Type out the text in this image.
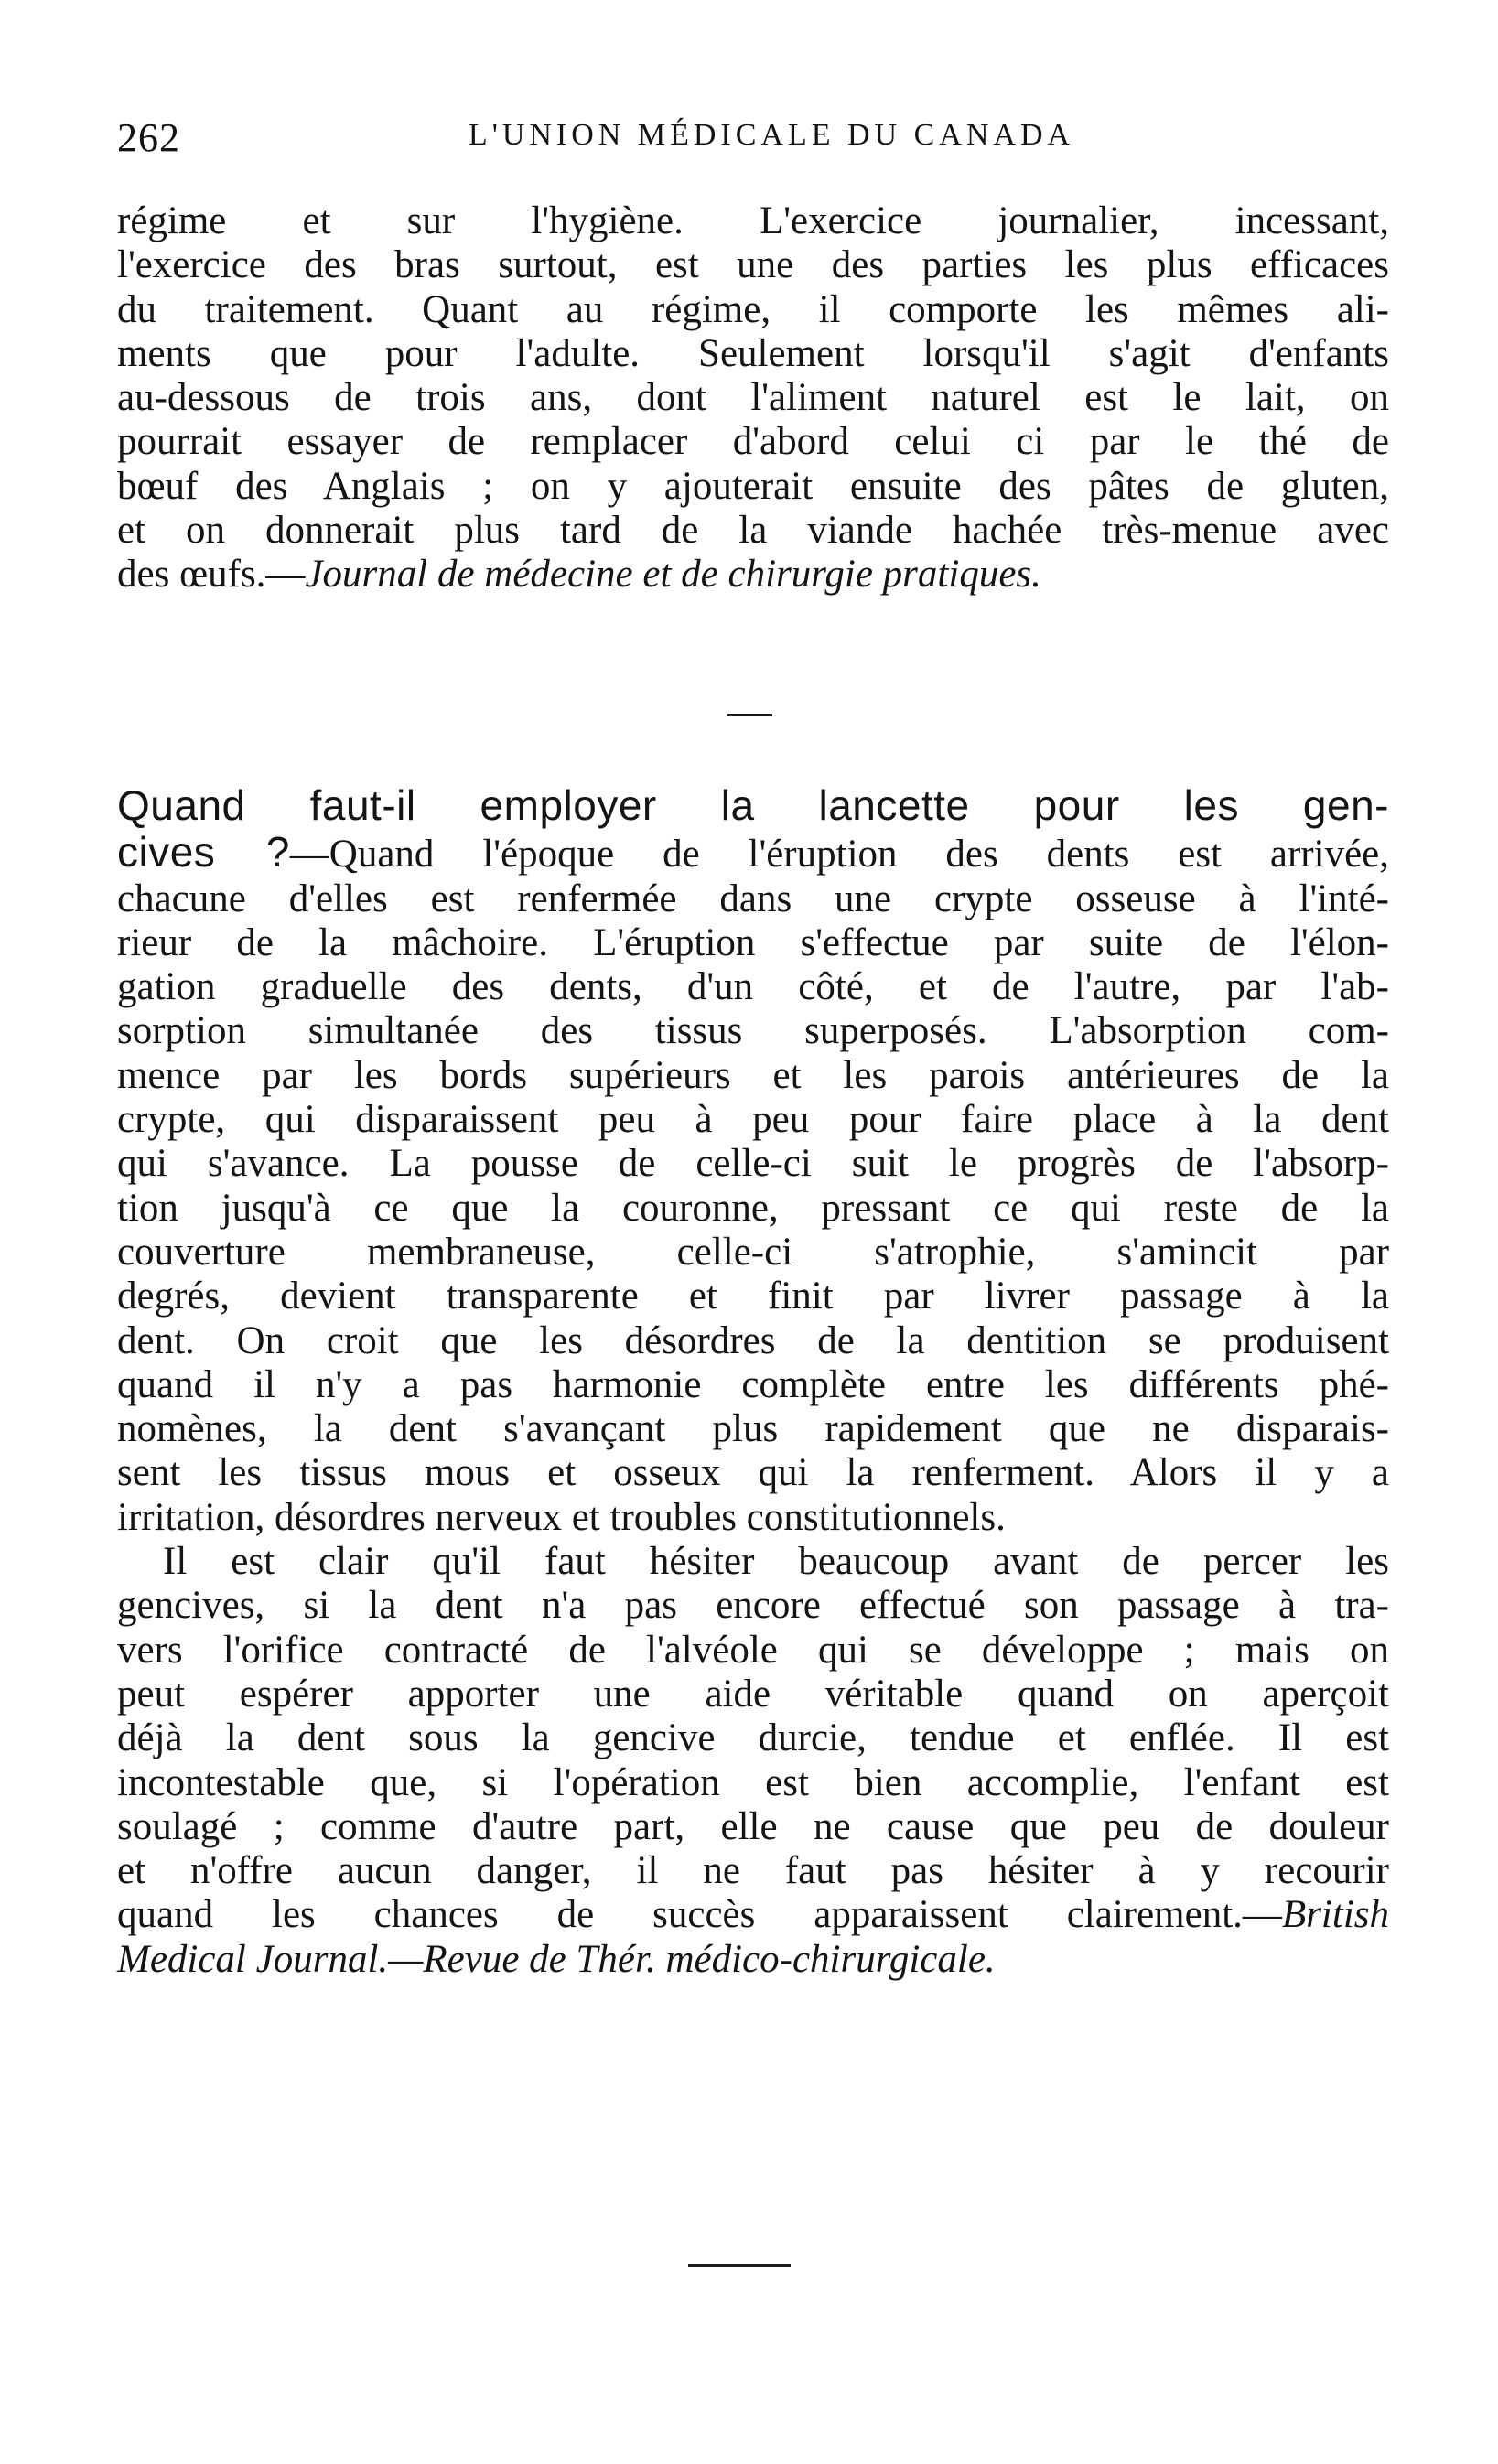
262	L'UNION MÉDICALE DU CANADA
régime et sur l'hygiène. L'exercice journalier, incessant,
l'exercice des bras surtout, est une des parties les plus efficaces
du traitement. Quant au régime, il comporte les mêmes ali-
ments que pour l'adulte. Seulement lorsqu'il s'agit d'enfants
au-dessous de trois ans, dont l'aliment naturel est le lait, on
pourrait essayer de remplacer d'abord celui ci par le thé de
bœuf des Anglais ; on y ajouterait ensuite des pâtes de gluten,
et on donnerait plus tard de la viande hachée très-menue avec
des œufs.—Journal de médecine et de chirurgie pratiques.
Quand faut-il employer la lancette pour les gen-
cives ?—Quand l'époque de l'éruption des dents est arrivée,
chacune d'elles est renfermée dans une crypte osseuse à l'inté-
rieur de la mâchoire. L'éruption s'effectue par suite de l'élon-
gation graduelle des dents, d'un côté, et de l'autre, par l'ab-
sorption simultanée des tissus superposés. L'absorption com-
mence par les bords supérieurs et les parois antérieures de la
crypte, qui disparaissent peu à peu pour faire place à la dent
qui s'avance. La pousse de celle-ci suit le progrès de l'absorp-
tion jusqu'à ce que la couronne, pressant ce qui reste de la
couverture membraneuse, celle-ci s'atrophie, s'amincit par
degrés, devient transparente et finit par livrer passage à la
dent. On croit que les désordres de la dentition se produisent
quand il n'y a pas harmonie complète entre les différents phé-
nomènes, la dent s'avançant plus rapidement que ne disparais-
sent les tissus mous et osseux qui la renferment. Alors il y a
irritation, désordres nerveux et troubles constitutionnels.
Il est clair qu'il faut hésiter beaucoup avant de percer les
gencives, si la dent n'a pas encore effectué son passage à tra-
vers l'orifice contracté de l'alvéole qui se développe ; mais on
peut espérer apporter une aide véritable quand on aperçoit
déjà la dent sous la gencive durcie, tendue et enflée. Il est
incontestable que, si l'opération est bien accomplie, l'enfant est
soulagé ; comme d'autre part, elle ne cause que peu de douleur
et n'offre aucun danger, il ne faut pas hésiter à y recourir
quand les chances de succès apparaissent clairement.—British
Medical Journal.—Revue de Thér. médico-chirurgicale.
